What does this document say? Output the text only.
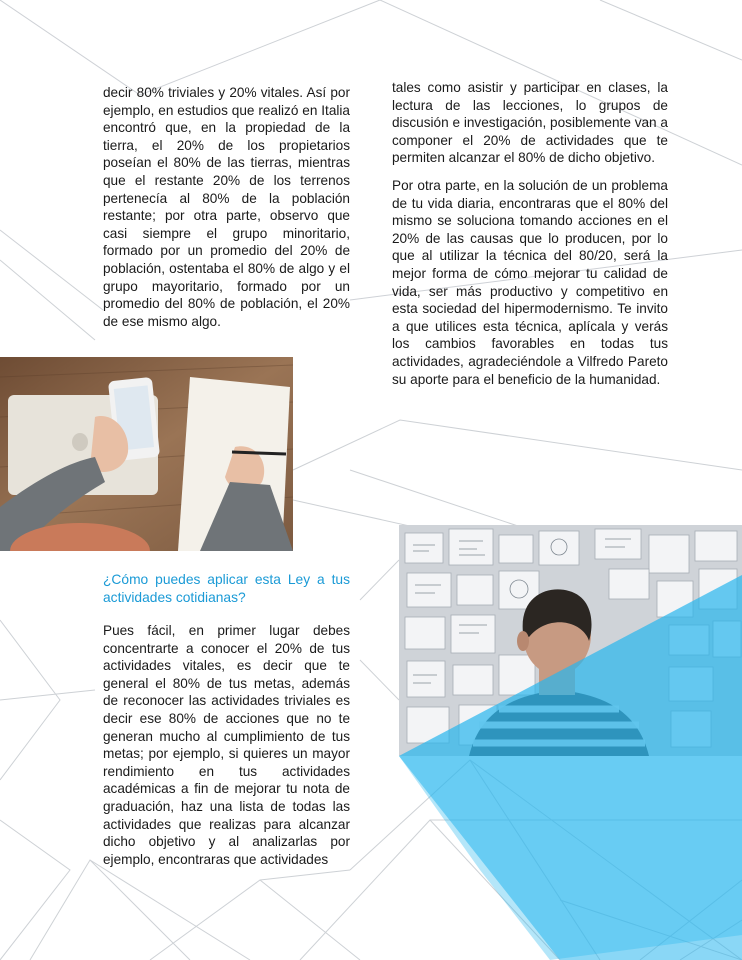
decir 80% triviales y 20% vitales. Así por ejemplo, en estudios que realizó en Italia encontró que, en la propiedad de la tierra, el 20% de los propietarios poseían el 80% de las tierras, mientras que el restante 20% de los terrenos pertenecía al 80% de la población restante; por otra parte, observo que casi siempre el grupo minoritario, formado por un promedio del 20% de población, ostentaba el 80% de algo y el grupo mayoritario, formado por un promedio del 80% de población, el 20% de ese mismo algo.

tales como asistir y participar en clases, la lectura de las lecciones, lo grupos de discusión e investigación, posiblemente van a componer el 20% de actividades que te permiten alcanzar el 80% de dicho objetivo.

Por otra parte, en la solución de un problema de tu vida diaria, encontraras que el 80% del mismo se soluciona tomando acciones en el 20% de las causas que lo producen, por lo que al utilizar la técnica del 80/20, será la mejor forma de cómo mejorar tu calidad de vida, ser más productivo y competitivo en esta sociedad del hipermodernismo. Te invito a que utilices esta técnica, aplícala y verás los cambios favorables en todas tus actividades, agradeciéndole a Vilfredo Pareto su aporte para el beneficio de la humanidad.

¿Cómo puedes aplicar esta Ley a tus actividades cotidianas?

Pues fácil, en primer lugar debes concentrarte a conocer el 20% de tus actividades vitales, es decir que te general el 80% de tus metas, además de reconocer las actividades triviales es decir ese 80% de acciones que no te generan mucho al cumplimiento de tus metas; por ejemplo, si quieres un mayor rendimiento en tus actividades académicas a fin de mejorar tu nota de graduación, haz una lista de todas las actividades que realizas para alcanzar dicho objetivo y al analizarlas por ejemplo, encontraras que actividades
